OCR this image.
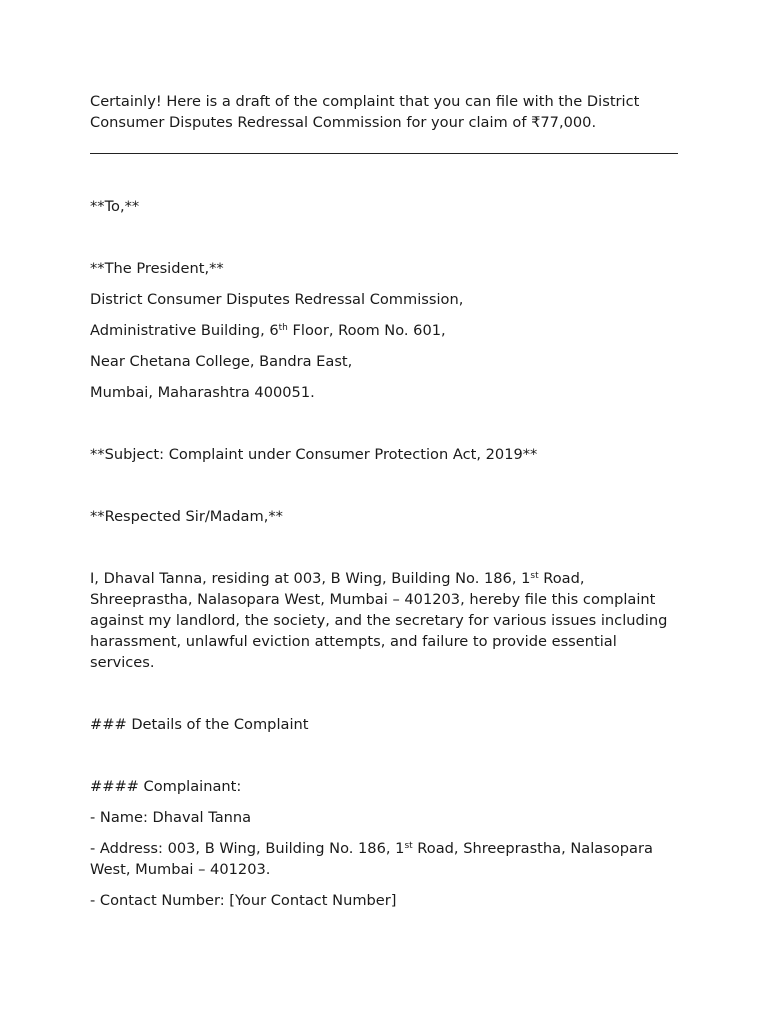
Certainly! Here is a draft of the complaint that you can file with the District Consumer Disputes Redressal Commission for your claim of ₹77,000.

**To,**

**The President,**

District Consumer Disputes Redressal Commission,

Administrative Building, 6th Floor, Room No. 601,

Near Chetana College, Bandra East,

Mumbai, Maharashtra 400051.

**Subject: Complaint under Consumer Protection Act, 2019**

**Respected Sir/Madam,**

I, Dhaval Tanna, residing at 003, B Wing, Building No. 186, 1st Road, Shreeprastha, Nalasopara West, Mumbai – 401203, hereby file this complaint against my landlord, the society, and the secretary for various issues including harassment, unlawful eviction attempts, and failure to provide essential services.

### Details of the Complaint

#### Complainant:

- Name: Dhaval Tanna

- Address: 003, B Wing, Building No. 186, 1st Road, Shreeprastha, Nalasopara West, Mumbai – 401203.

- Contact Number: [Your Contact Number]
